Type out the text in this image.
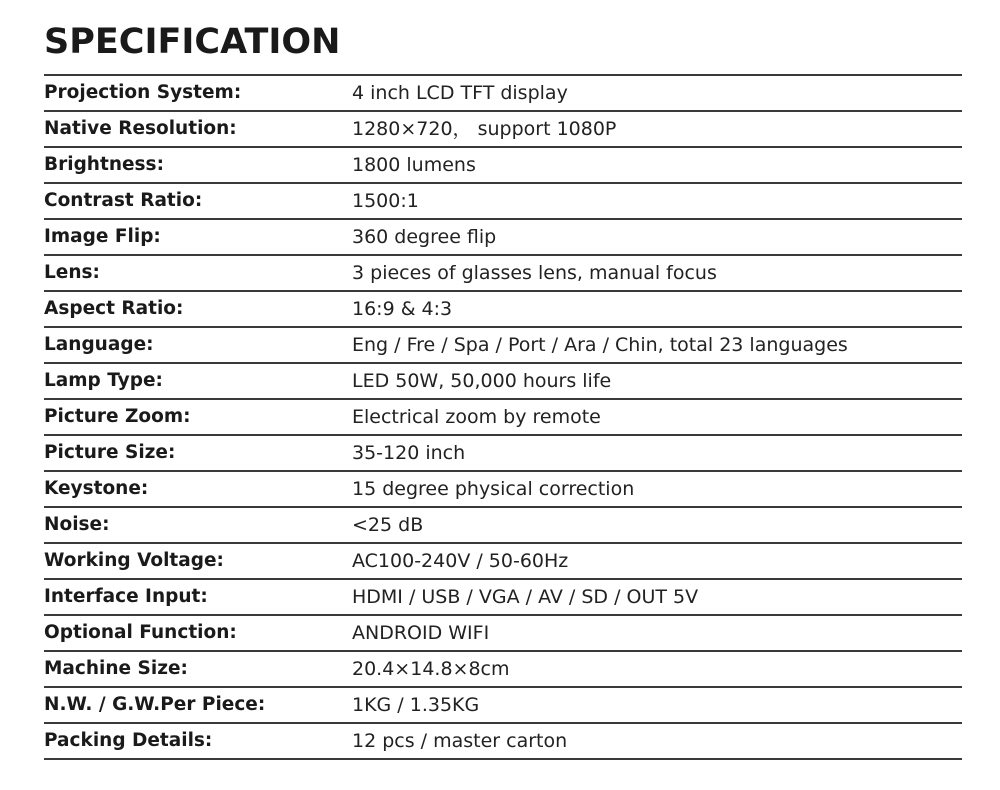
SPECIFICATION
Projection System:	4 inch LCD TFT display
Native Resolution:	1280×720， support 1080P
Brightness:	1800 lumens
Contrast Ratio:	1500:1
Image Flip:	360 degree flip
Lens:	3 pieces of glasses lens, manual focus
Aspect Ratio:	16:9 & 4:3
Language:	Eng / Fre / Spa / Port / Ara / Chin, total 23 languages
Lamp Type:	LED 50W, 50,000 hours life
Picture Zoom:	Electrical zoom by remote
Picture Size:	35-120 inch
Keystone:	15 degree physical correction
Noise:	<25 dB
Working Voltage:	AC100-240V / 50-60Hz
Interface Input:	HDMI / USB / VGA / AV / SD / OUT 5V
Optional Function:	ANDROID WIFI
Machine Size:	20.4×14.8×8cm
N.W. / G.W.Per Piece:	1KG / 1.35KG
Packing Details:	12 pcs / master carton
